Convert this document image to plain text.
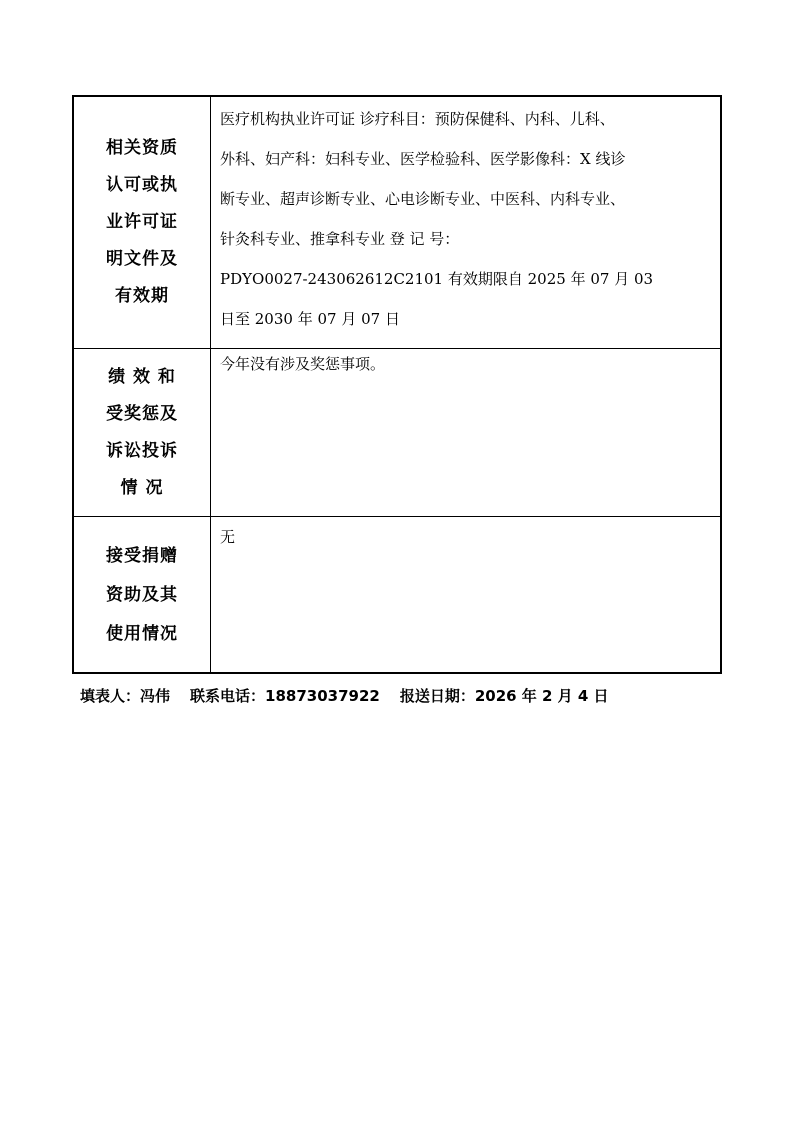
相关资质
认可或执
业许可证
明文件及
有效期
医疗机构执业许可证 诊疗科目：预防保健科、内科、儿科、
外科、妇产科：妇科专业、医学检验科、医学影像科：X 线诊
断专业、超声诊断专业、心电诊断专业、中医科、内科专业、
针灸科专业、推拿科专业 登 记 号：
PDYO0027-243062612C2101 有效期限自 2025 年 07 月 03
日至 2030 年 07 月 07 日
绩 效 和
受奖惩及
诉讼投诉
情 况
今年没有涉及奖惩事项。
接受捐赠
资助及其
使用情况
无
填表人：冯伟 联系电话：18873037922 报送日期：2026 年 2 月 4 日
